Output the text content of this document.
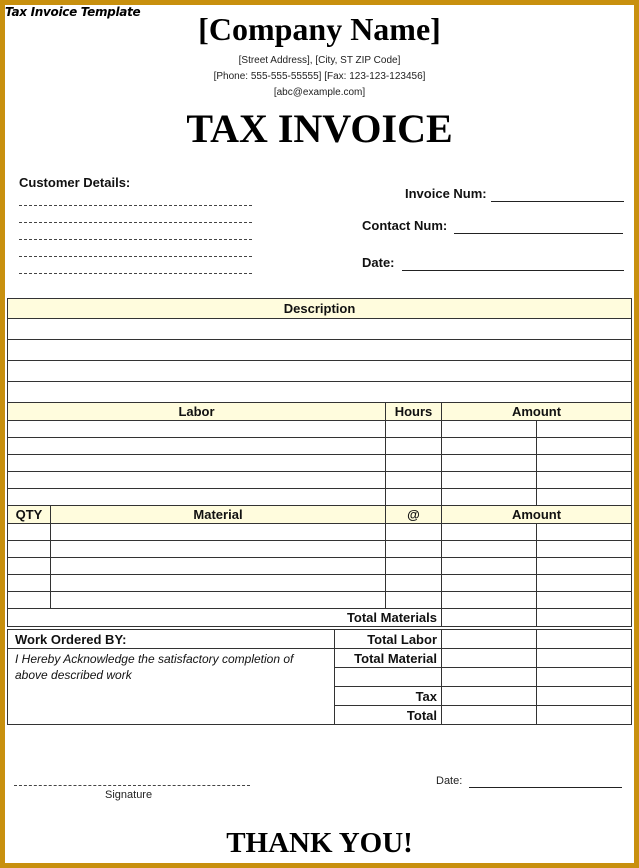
Tax Invoice Template	[Company Name]
[Street Address], [City, ST ZIP Code]
[Phone: 555-555-55555] [Fax: 123-123-123456]
[abc@example.com]
TAX INVOICE
Customer Details:
Invoice Num:
Contact Num:
Date:
Description				

Labor		Hours	Amount	

QTY	Material	@	Amount	

Total Materials				
Work Ordered BY:	Total Labor		
I Hereby Acknowledge the satisfactory completion of above described work	Total Material		

	Tax		
	Total		
Signature
Date:
THANK YOU!
